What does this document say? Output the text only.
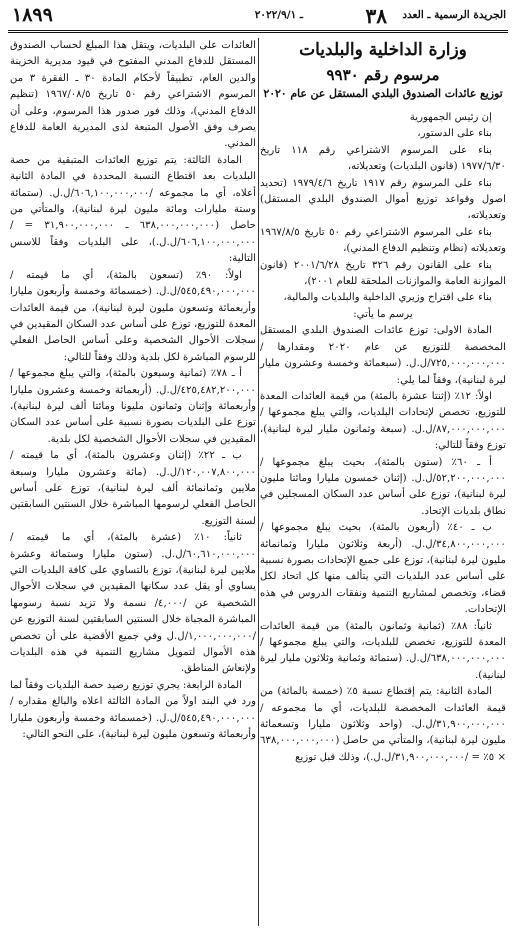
الجريدة الرسمية ـ العدد
٣٨
ـ ٢٠٢٢/٩/١
١٨٩٩
وزارة الداخلية والبلديات
مرسوم رقم ٩٩٣٠
توزيع عائدات الصندوق البلدي المستقل عن عام ٢٠٢٠

إن رئيس الجمهورية

بناء على الدستور،

بناء على المرسوم الاشتراعي رقم ١١٨ تاريخ ١٩٧٧/٦/٣٠ (قانون البلديات) وتعديلاته،

بناء على المرسوم رقم ١٩١٧ تاريخ ١٩٧٩/٤/٦ (تحديد اصول وقواعد توزيع أموال الصندوق البلدي المستقل) وتعديلاته،

بناء على المرسوم الاشتراعي رقم ٥٠ تاريخ ١٩٦٧/٨/٥ وتعديلاته (نظام وتنظيم الدفاع المدني)،

بناء على القانون رقم ٣٢٦ تاريخ ٢٠٠١/٦/٢٨ (قانون الموازنة العامة والموازنات الملحقة للعام ٢٠٠١)،

بناء على اقتراح وزيري الداخلية والبلديات والمالية،

يرسم ما يأتي:

المادة الاولى: توزع عائدات الصندوق البلدي المستقل المخصصة للتوزيع عن عام ٢٠٢٠ ومقدارها /٧٢٥,٠٠٠,٠٠٠,٠٠٠/ل.ل. (سبعمائة وخمسة وعشرون مليار ليرة لبنانية)، وفقاً لما يلي:

اولاً: ١٢٪ (إثنتا عشرة بالمئة) من قيمة العائدات المعدة للتوزيع، تخصص لإتحادات البلديات، والتي يبلغ مجموعها /٨٧,٠٠٠,٠٠٠,٠٠٠/ل.ل. (سبعة وثمانون مليار ليرة لبنانية)، توزع وفقاً للتالي:

أ ـ ٦٠٪ (ستون بالمئة)، بحيث يبلغ مجموعها /٥٢,٢٠٠,٠٠٠,٠٠٠/ل.ل. (إثنان خمسون مليارا ومائتا مليون ليرة لبنانية)، توزع على أساس عدد السكان المسجلين في نطاق بلديات الإتحاد.

ب ـ ٤٠٪ (أربعون بالمئة)، بحيث يبلغ مجموعها /٣٤,٨٠٠,٠٠٠,٠٠٠/ل.ل. (أربعة وثلاثون مليارا وثمانمائة مليون ليرة لبنانية)، توزع على جميع الإتحادات بصورة نسبية على أساس عدد البلديات التي يتألف منها كل اتحاد لكل قضاء، وتخصص لمشاريع التنمية ونفقات الدروس في هذه الإتحادات.

ثانياً: ٨٨٪ (ثمانية وثمانون بالمئة) من قيمة العائدات المعدة للتوزيع، تخصص للبلديات، والتي يبلغ مجموعها /٦٣٨,٠٠٠,٠٠٠,٠٠٠/ل.ل. (ستمائة وثمانية وثلاثون مليار ليرة لبنانية).

المادة الثانية: يتم إقتطاع نسبة ٥٪ (خمسة بالمائة) من قيمة العائدات المخصصة للبلديات، أي ما مجموعه /٣١,٩٠٠,٠٠٠,٠٠٠/ل.ل. (واحد وثلاثون مليارا وتسعمائة مليون ليرة لبنانية)، والمتأتي من حاصل (٦٣٨,٠٠٠,٠٠٠,٠٠٠ × ٥٪ = /٣١,٩٠٠,٠٠٠,٠٠٠/ل.ل.)، وذلك قبل توزيع

العائدات على البلديات، ويتقل هذا المبلغ لحساب الصندوق المستقل للدفاع المدني المفتوح في قيود مديرية الخزينة والدين العام، تطبيقاً لأحكام المادة ٣٠ ـ الفقرة ٣ من المرسوم الاشتراعي رقم ٥٠ تاريخ ١٩٦٧/٠٨/٥ (تنظيم الدفاع المدني)، وذلك فور صدور هذا المرسوم، وعلى أن يصرف وفق الأصول المتبعة لدى المديرية العامة للدفاع المدني.

المادة الثالثة: يتم توزيع العائدات المتبقية من حصة البلديات بعد اقتطاع النسبة المحددة في المادة الثانية أعلاه، أي ما مجموعه /٦٠٦,١٠٠,٠٠٠,٠٠٠/ل.ل. (ستمائة وستة مليارات ومائة مليون ليرة لبنانية)، والمتأتي من حاصل (٦٣٨,٠٠٠,٠٠٠,٠٠٠ ـ ٣١,٩٠٠,٠٠٠,٠٠٠ = /٦٠٦,١٠٠,٠٠٠,٠٠٠/ل.ل.)، على البلديات وفقاً للاسس التالية:

اولاً: ٩٠٪ (تسعون بالمئة)، أي ما قيمته /٥٤٥,٤٩٠,٠٠٠,٠٠٠/ل.ل. (خمسمائة وخمسة وأربعون مليارا وأربعمائة وتسعون مليون ليرة لبنانية)، من قيمة العائدات المعدة للتوزيع، توزع على أساس عدد السكان المقيدين في سجلات الأحوال الشخصية وعلى أساس الحاصل الفعلي للرسوم المباشرة لكل بلدية وذلك وفقاً للتالي:

أ ـ ٧٨٪ (ثمانية وسبعون بالمئة)، والتي يبلغ مجموعها /٤٢٥,٤٨٢,٢٠٠,٠٠٠/ل.ل. (أربعمائة وخمسة وعشرون مليارا وأربعمائة وإثنان وثمانون مليونا ومائتا ألف ليرة لبنانية)، توزع على البلديات بصورة نسبية على أساس عدد السكان المقيدين في سجلات الأحوال الشخصية لكل بلدية.

ب ـ ٢٢٪ (إثنان وعشرون بالمئة)، أي ما قيمته /١٢٠,٠٠٧,٨٠٠,٠٠٠/ل.ل. (مائة وعشرون مليارا وسبعة ملايين وثمانمائة ألف ليرة لبنانية)، توزع على أساس الحاصل الفعلي لرسومها المباشرة خلال السنتين السابقتين لسنة التوزيع.

ثانياً: ١٠٪ (عشرة بالمئة)، أي ما قيمته /٦٠,٦١٠,٠٠٠,٠٠٠/ل.ل. (ستون مليارا وستمائة وعشرة ملايين ليرة لبنانية)، توزع بالتساوي على كافة البلديات التي يساوي أو يقل عدد سكانها المقيدين في سجلات الأحوال الشخصية عن /٤,٠٠٠/ نسمة ولا تزيد نسبة رسومها المباشرة المجباة خلال السنتين السابقتين لسنة التوزيع عن /١,٠٠٠,٠٠٠,٠٠٠/ل.ل وفي جميع الأقضية على أن تخصص هذه الأموال لتمويل مشاريع التنمية في هذه البلديات ولإنعاش المناطق.

المادة الرابعة: يجري توزيع رصيد حصة البلديات وفقاً لما ورد في البند اولاً من المادة الثالثة اعلاه والبالغ مقداره /٥٤٥,٤٩٠,٠٠٠,٠٠٠/ل.ل. (خمسمائة وخمسة وأربعون مليارا وأربعمائة وتسعون مليون ليرة لبنانية)، على النحو التالي:
